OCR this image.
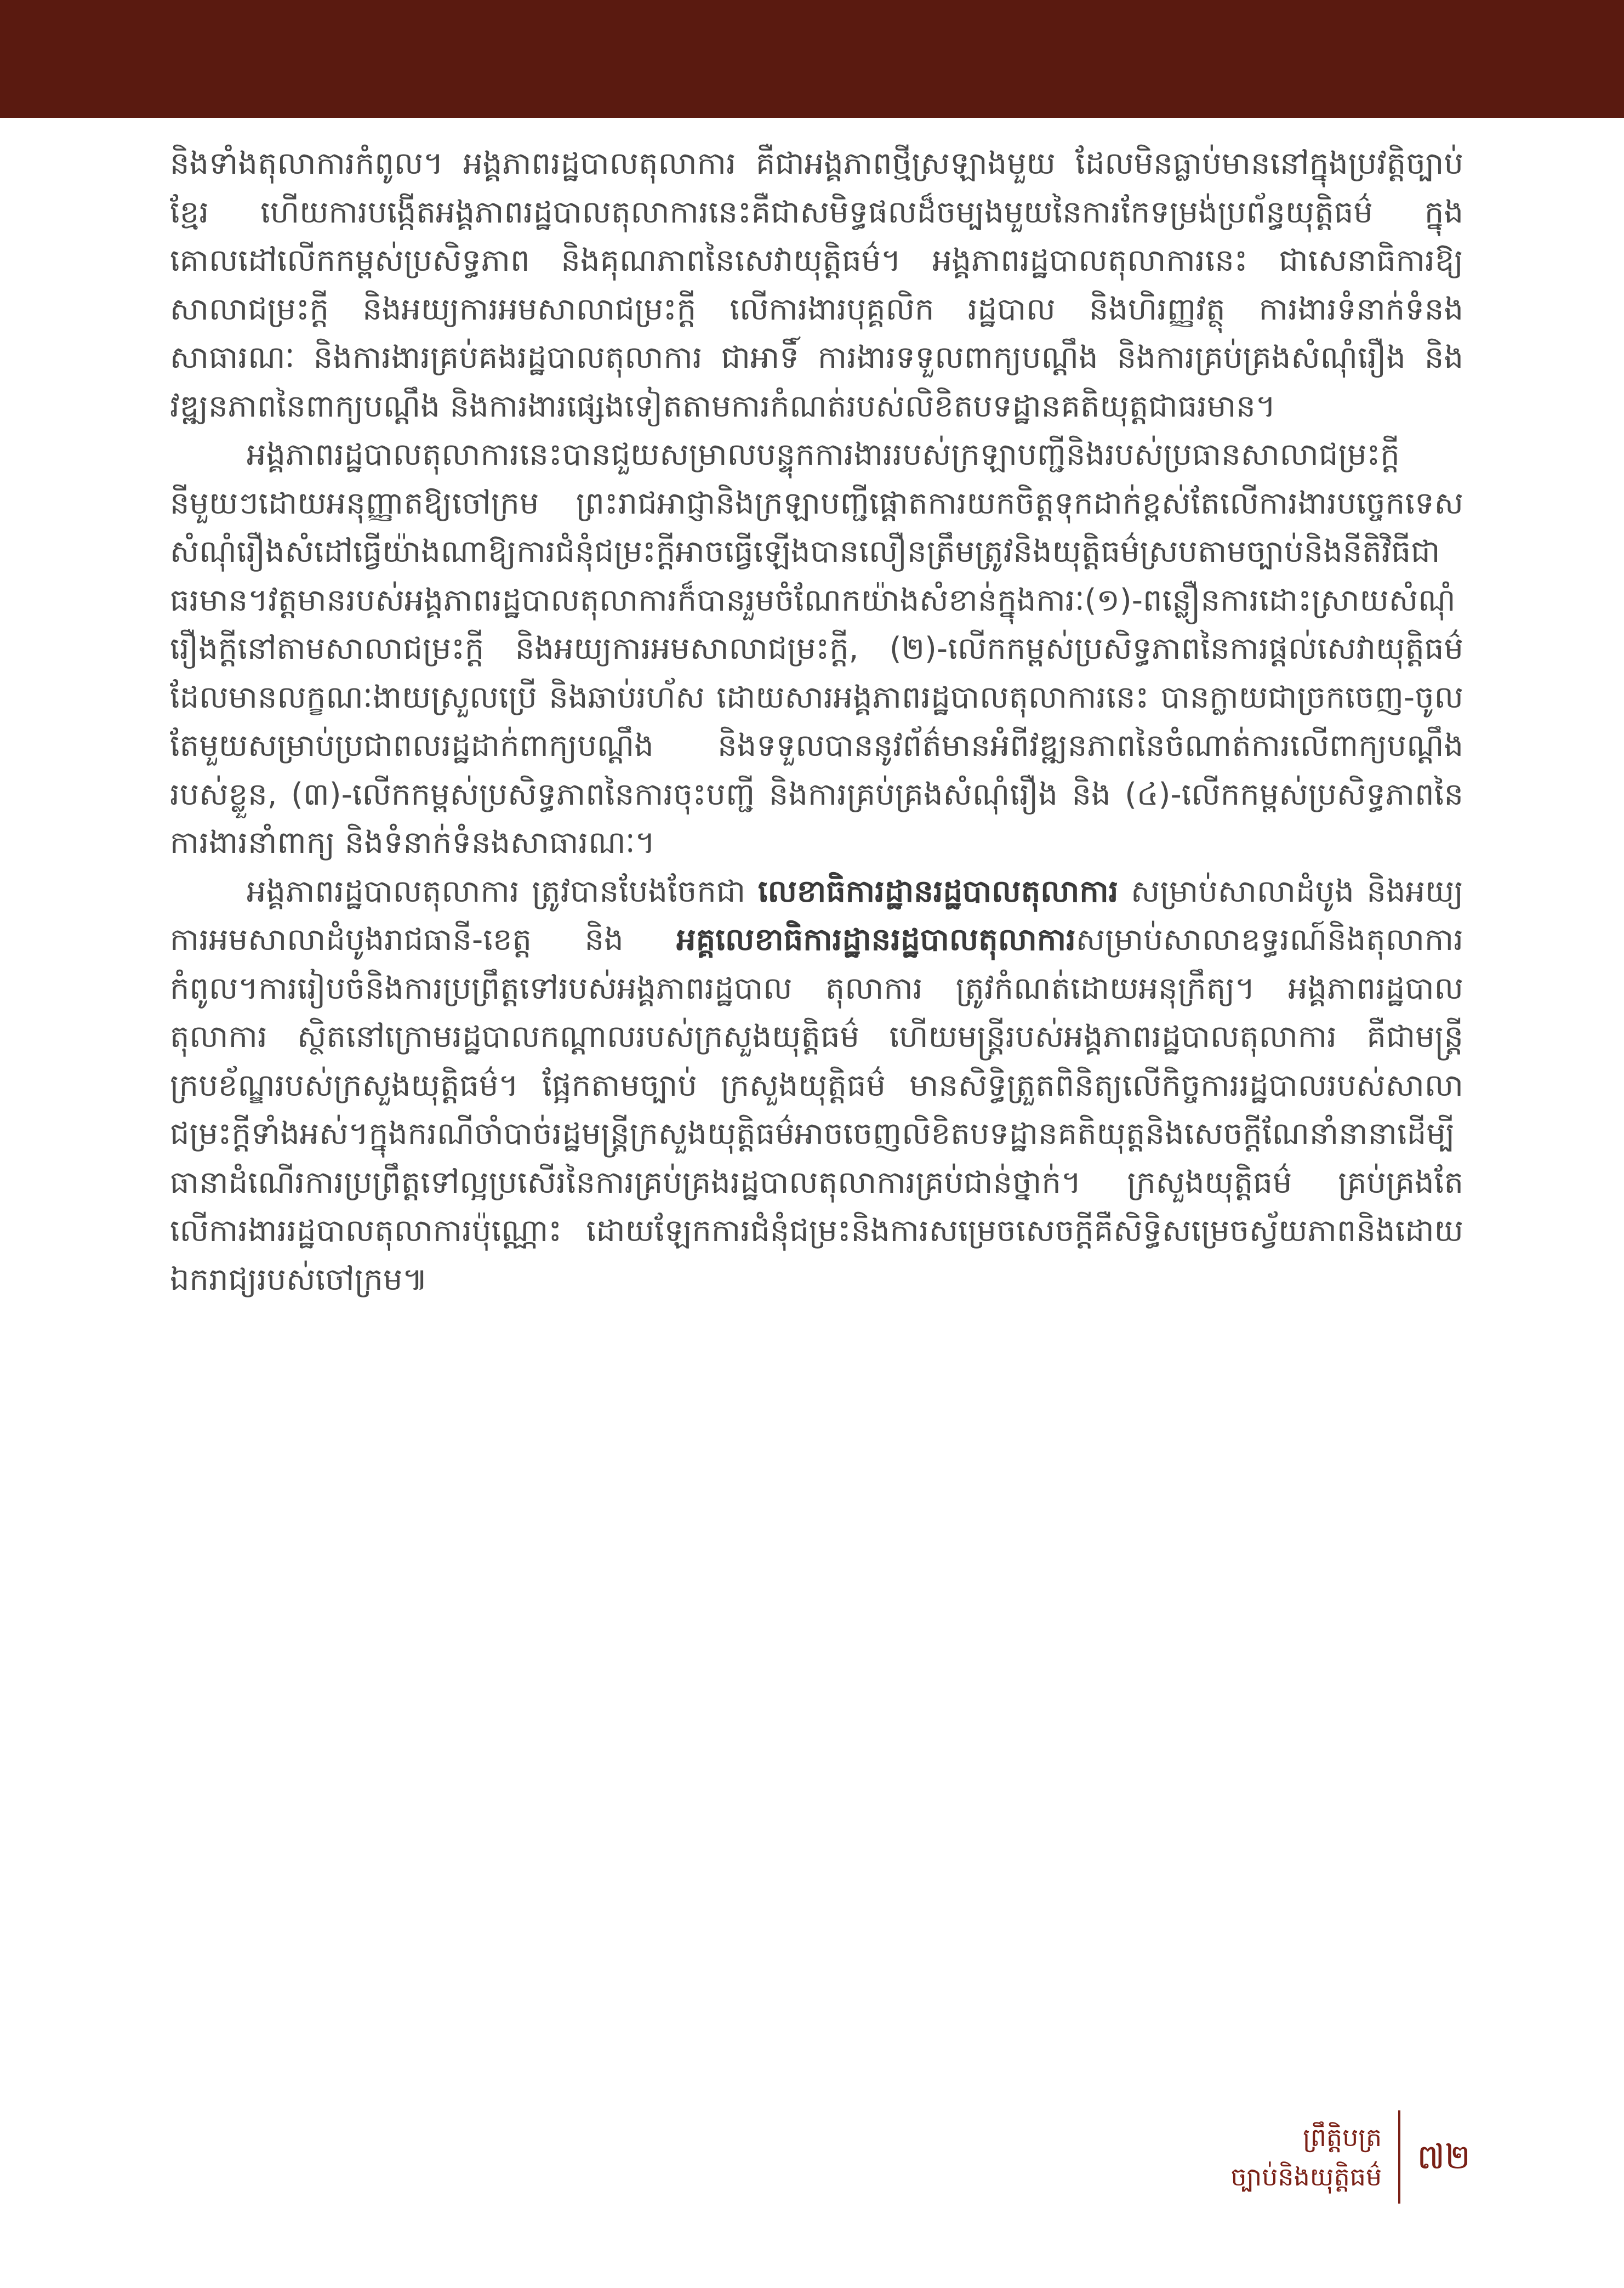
និងទាំងតុលាការកំពូល។ អង្គភាពរដ្ឋបាលតុលាការ គឺជាអង្គភាពថ្មីស្រឡាងមួយ ដែលមិនធ្លាប់មាននៅក្នុងប្រវត្តិច្បាប់ខ្មែរ ហើយការបង្កើតអង្គភាពរដ្ឋបាលតុលាការនេះគឺជាសមិទ្ធផលដ៏ចម្បងមួយនៃការកែទម្រង់ប្រព័ន្ធយុត្តិធម៌ ក្នុងគោលដៅលើកកម្ពស់ប្រសិទ្ធភាព និងគុណភាពនៃសេវាយុត្តិធម៌។ អង្គភាពរដ្ឋបាលតុលាការនេះ ជាសេនាធិការឱ្យសាលាជម្រះក្តី និងអយ្យការអមសាលាជម្រះក្តី លើការងារបុគ្គលិក រដ្ឋបាល និងហិរញ្ញវត្ថុ ការងារទំនាក់ទំនងសាធារណៈ និងការងារគ្រប់គងរដ្ឋបាលតុលាការ ជាអាទិ៍ ការងារទទួលពាក្យបណ្តឹង និងការគ្រប់គ្រងសំណុំរឿង និងវឌ្ឍនភាពនៃពាក្យបណ្តឹង និងការងារផ្សេងទៀតតាមការកំណត់របស់លិខិតបទដ្ឋានគតិយុត្តជាធរមាន។

អង្គភាពរដ្ឋបាលតុលាការនេះបានជួយសម្រាលបន្ទុកការងាររបស់ក្រឡាបញ្ជីនិងរបស់ប្រធានសាលាជម្រះក្តីនីមួយៗដោយអនុញ្ញាតឱ្យចៅក្រម ព្រះរាជអាជ្ញានិងក្រឡាបញ្ជីផ្តោតការយកចិត្តទុកដាក់ខ្ពស់តែលើការងារបច្ចេកទេសសំណុំរឿងសំដៅធ្វើយ៉ាងណាឱ្យការជំនុំជម្រះក្តីអាចធ្វើឡើងបានលឿនត្រឹមត្រូវនិងយុត្តិធម៌ស្របតាមច្បាប់និងនីតិវិធីជាធរមាន។វត្តមានរបស់អង្គភាពរដ្ឋបាលតុលាការក៏បានរួមចំណែកយ៉ាងសំខាន់ក្នុងការៈ(១)-ពន្លឿនការដោះស្រាយសំណុំរឿងក្តីនៅតាមសាលាជម្រះក្តី និងអយ្យការអមសាលាជម្រះក្តី, (២)-លើកកម្ពស់ប្រសិទ្ធភាពនៃការផ្តល់សេវាយុត្តិធម៌ ដែលមានលក្ខណៈងាយស្រួលប្រើ និងឆាប់រហ័ស ដោយសារអង្គភាពរដ្ឋបាលតុលាការនេះ បានក្លាយជាច្រកចេញ-ចូលតែមួយសម្រាប់ប្រជាពលរដ្ឋដាក់ពាក្យបណ្តឹង និងទទួលបាននូវព័ត៌មានអំពីវឌ្ឍនភាពនៃចំណាត់ការលើពាក្យបណ្តឹងរបស់ខ្លួន, (៣)-លើកកម្ពស់ប្រសិទ្ធភាពនៃការចុះបញ្ជី និងការគ្រប់គ្រងសំណុំរឿង និង (៤)-លើកកម្ពស់ប្រសិទ្ធភាពនៃការងារនាំពាក្យ និងទំនាក់ទំនងសាធារណៈ។

អង្គភាពរដ្ឋបាលតុលាការ ត្រូវបានបែងចែកជា លេខាធិការដ្ឋានរដ្ឋបាលតុលាការ សម្រាប់សាលាដំបូង និងអយ្យការអមសាលាដំបូងរាជធានី-ខេត្ត និង អគ្គលេខាធិការដ្ឋានរដ្ឋបាលតុលាការសម្រាប់សាលាឧទ្ធរណ៍និងតុលាការកំពូល។ការរៀបចំនិងការប្រព្រឹត្តទៅរបស់អង្គភាពរដ្ឋបាល តុលាការ ត្រូវកំណត់ដោយអនុក្រឹត្យ។ អង្គភាពរដ្ឋបាលតុលាការ ស្ថិតនៅក្រោមរដ្ឋបាលកណ្តាលរបស់ក្រសួងយុត្តិធម៌ ហើយមន្ត្រីរបស់អង្គភាពរដ្ឋបាលតុលាការ គឺជាមន្ត្រីក្របខ័ណ្ឌរបស់ក្រសួងយុត្តិធម៌។ ផ្អែកតាមច្បាប់ ក្រសួងយុត្តិធម៌ មានសិទ្ធិត្រួតពិនិត្យលើកិច្ចការរដ្ឋបាលរបស់សាលាជម្រះក្តីទាំងអស់។ក្នុងករណីចាំបាច់រដ្ឋមន្ត្រីក្រសួងយុត្តិធម៌អាចចេញលិខិតបទដ្ឋានគតិយុត្តនិងសេចក្តីណែនាំនានាដើម្បីធានាដំណើរការប្រព្រឹត្តទៅល្អប្រសើរនៃការគ្រប់គ្រងរដ្ឋបាលតុលាការគ្រប់ជាន់ថ្នាក់។ ក្រសួងយុត្តិធម៌ គ្រប់គ្រងតែលើការងាររដ្ឋបាលតុលាការប៉ុណ្ណោះ ដោយឡែកការជំនុំជម្រះនិងការសម្រេចសេចក្តីគឺសិទ្ធិសម្រេចស្វ័យភាពនិងដោយឯករាជ្យរបស់ចៅក្រម៕

ព្រឹត្តិបត្រ
ច្បាប់និងយុត្តិធម៌ ៧២
